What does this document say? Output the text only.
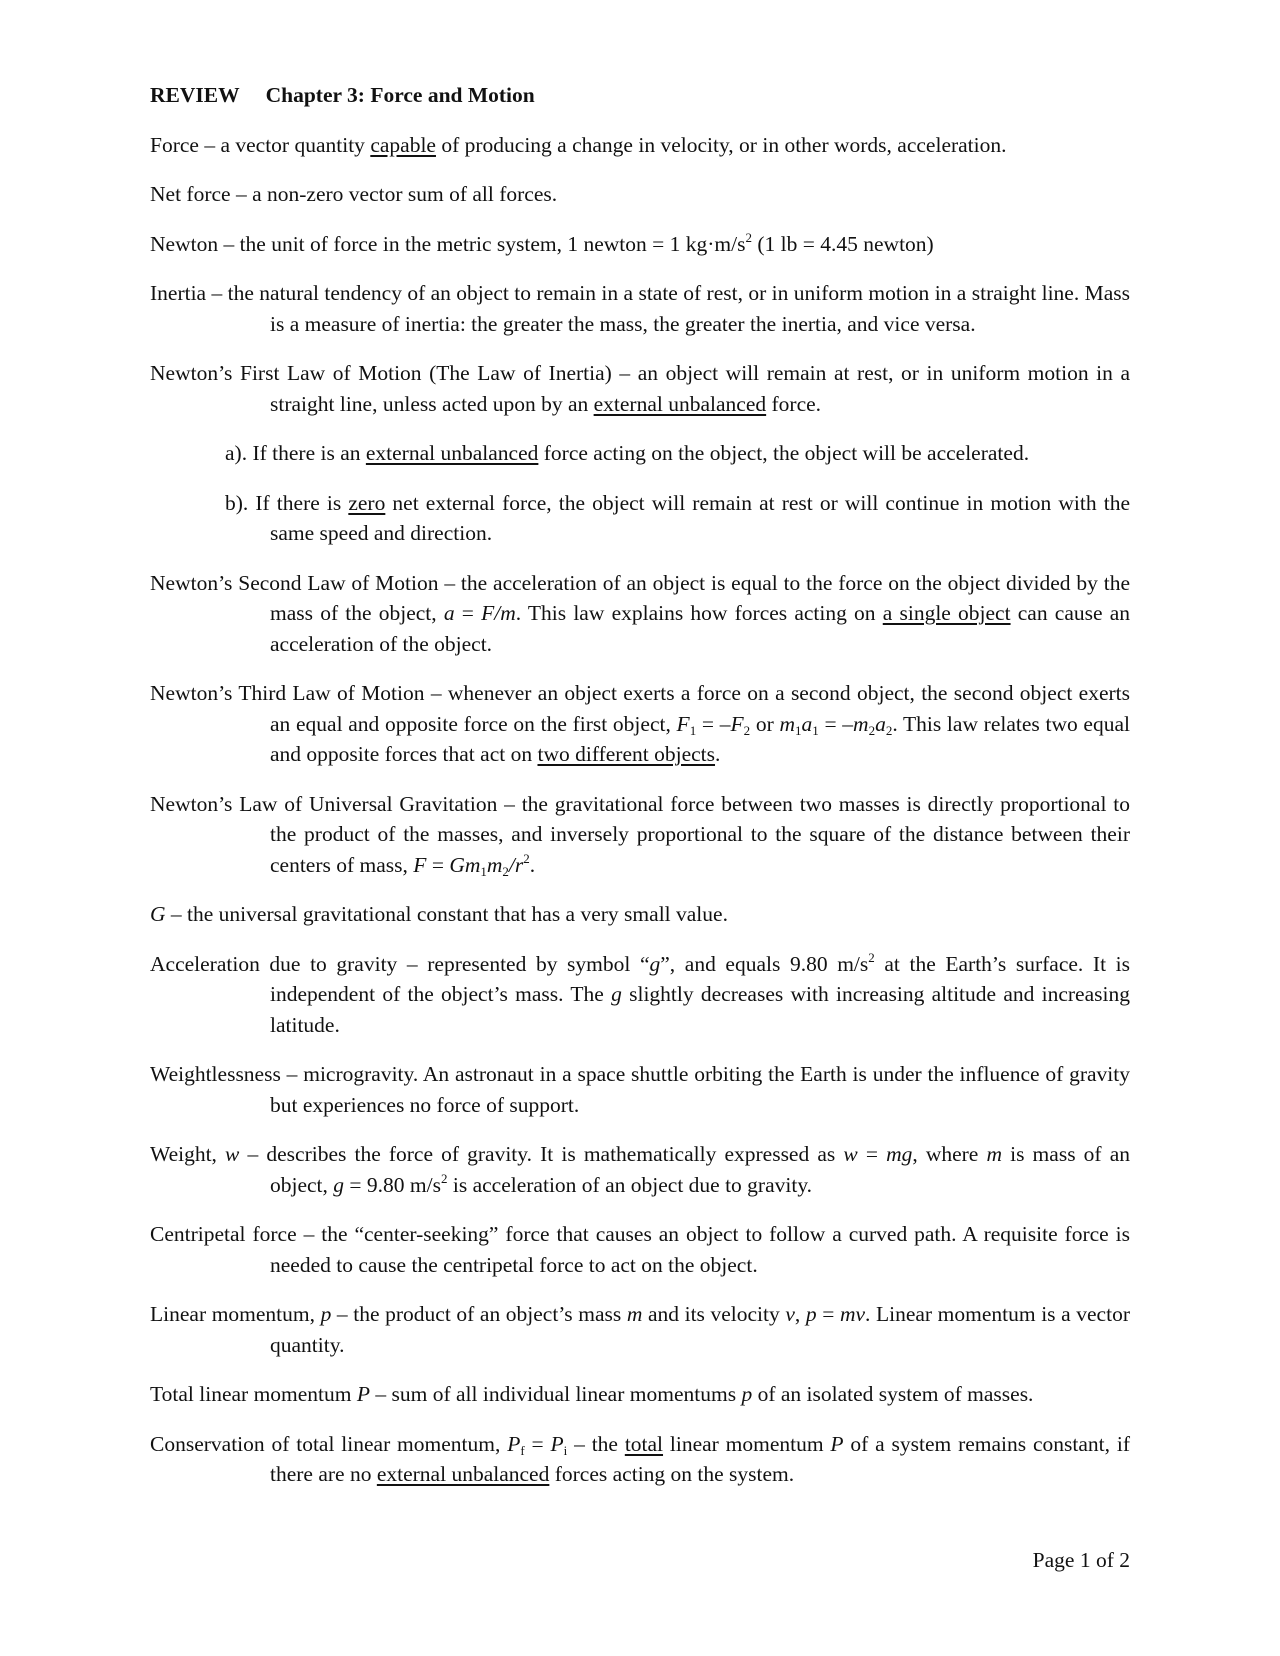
REVIEW Chapter 3: Force and Motion

Force – a vector quantity capable of producing a change in velocity, or in other words, acceleration.

Net force – a non-zero vector sum of all forces.

Newton – the unit of force in the metric system, 1 newton = 1 $kg\cdot m/s^2$ (1 lb = 4.45 newton)

Inertia – the natural tendency of an object to remain in a state of rest, or in uniform motion in a straight line. Mass is a measure of inertia: the greater the mass, the greater the inertia, and vice versa.

Newton’s First Law of Motion (The Law of Inertia) – an object will remain at rest, or in uniform motion in a straight line, unless acted upon by an external unbalanced force.

a). If there is an external unbalanced force acting on the object, the object will be accelerated.

b). If there is zero net external force, the object will remain at rest or will continue in motion with the same speed and direction.

Newton’s Second Law of Motion – the acceleration of an object is equal to the force on the object divided by the mass of the object, a = F/m. This law explains how forces acting on a single object can cause an acceleration of the object.

Newton’s Third Law of Motion – whenever an object exerts a force on a second object, the second object exerts an equal and opposite force on the first object, $F_1 = -F_2$ or $m_1a_1 = -m_2a_2$. This law relates two equal and opposite forces that act on two different objects.

Newton’s Law of Universal Gravitation – the gravitational force between two masses is directly proportional to the product of the masses, and inversely proportional to the square of the distance between their centers of mass, $F = Gm_1m_2/r^2$.

G – the universal gravitational constant that has a very small value.

Acceleration due to gravity – represented by symbol “g”, and equals 9.80 $m/s^2$ at the Earth’s surface. It is independent of the object’s mass. The g slightly decreases with increasing altitude and increasing latitude.

Weightlessness – microgravity. An astronaut in a space shuttle orbiting the Earth is under the influence of gravity but experiences no force of support.

Weight, w – describes the force of gravity. It is mathematically expressed as w = mg, where m is mass of an object, g = 9.80 $m/s^2$ is acceleration of an object due to gravity.

Centripetal force – the “center-seeking” force that causes an object to follow a curved path. A requisite force is needed to cause the centripetal force to act on the object.

Linear momentum, p – the product of an object’s mass m and its velocity v, p = mv. Linear momentum is a vector quantity.

Total linear momentum P – sum of all individual linear momentums p of an isolated system of masses.

Conservation of total linear momentum, $P_f = P_i$ – the total linear momentum P of a system remains constant, if there are no external unbalanced forces acting on the system.

Page 1 of 2
